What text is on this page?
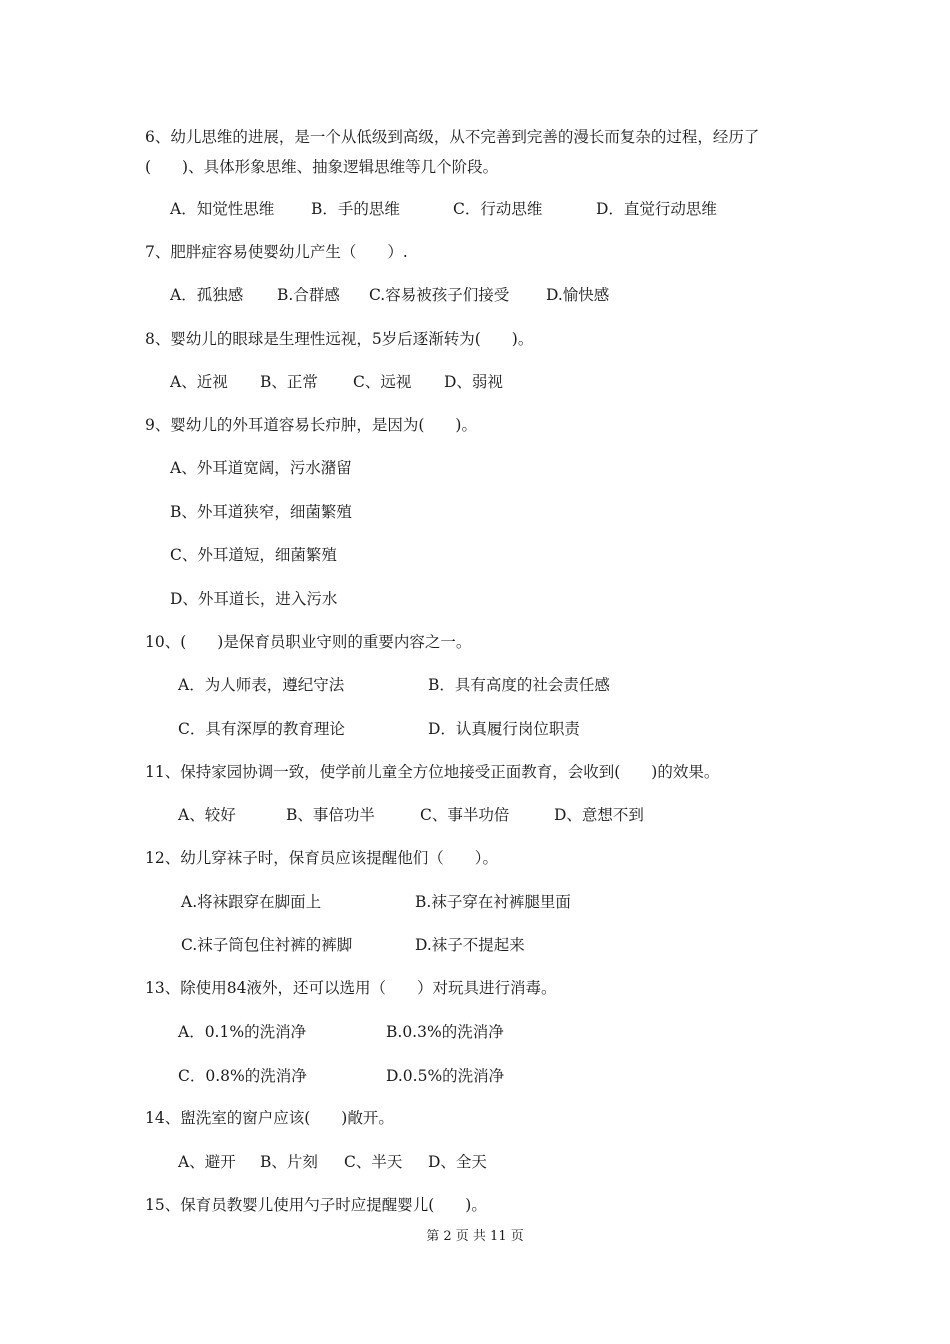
6、幼儿思维的进展，是一个从低级到高级，从不完善到完善的漫长而复杂的过程，经历了
(　　)、具体形象思维、抽象逻辑思维等几个阶段。
A．知觉性思维 B．手的思维	C．行动思维	D．直觉行动思维
7、肥胖症容易使婴幼儿产生（　　）.
A．孤独感 B.合群感 C.容易被孩子们接受 D.愉快感
8、婴幼儿的眼球是生理性远视，5岁后逐渐转为(　　)。
A、近视 B、正常 C、远视 D、弱视
9、婴幼儿的外耳道容易长疖肿，是因为(　　)。
A、外耳道宽阔，污水潴留
B、外耳道狭窄，细菌繁殖
C、外耳道短，细菌繁殖
D、外耳道长，进入污水
10、(　　)是保育员职业守则的重要内容之一。
A．为人师表，遵纪守法	B．具有高度的社会责任感
C．具有深厚的教育理论	D．认真履行岗位职责
11、保持家园协调一致，使学前儿童全方位地接受正面教育，会收到(　　)的效果。
A、较好	B、事倍功半	C、事半功倍	D、意想不到
12、幼儿穿袜子时，保育员应该提醒他们（　　）。
A.将袜跟穿在脚面上	B.袜子穿在衬裤腿里面
C.袜子筒包住衬裤的裤脚	D.袜子不提起来
13、除使用84液外，还可以选用（　　）对玩具进行消毒。
A．0.1%的洗消净	B.0.3%的洗消净
C．0.8%的洗消净	D.0.5%的洗消净
14、盥洗室的窗户应该(　　)敞开。
A、避开 B、片刻 C、半天 D、全天
15、保育员教婴儿使用勺子时应提醒婴儿(　　)。
第 2 页 共 11 页
